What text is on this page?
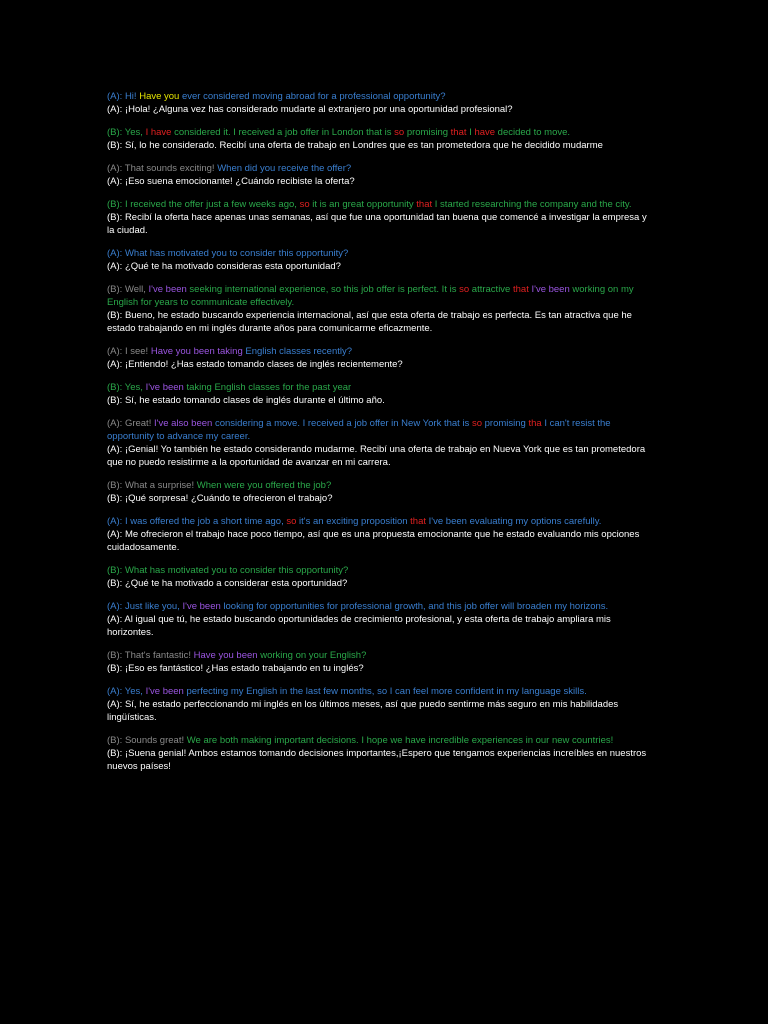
(A): Hi! Have you ever considered moving abroad for a professional opportunity?

(A): ¡Hola! ¿Alguna vez has considerado mudarte al extranjero por una oportunidad profesional?

(B): Yes, I have considered it. I received a job offer in London that is so promising that I have decided to move.

(B): Sí, lo he considerado. Recibí una oferta de trabajo en Londres que es tan prometedora que he decidido mudarme

(A): That sounds exciting! When did you receive the offer?

(A): ¡Eso suena emocionante! ¿Cuándo recibiste la oferta?

(B): I received the offer just a few weeks ago, so it is an great opportunity that I started researching the company and the city.

(B): Recibí la oferta hace apenas unas semanas, así que fue una oportunidad tan buena que comencé a investigar la empresa y la ciudad.

(A): What has motivated you to consider this opportunity?

(A): ¿Qué te ha motivado consideras esta oportunidad?

(B): Well, I've been seeking international experience, so this job offer is perfect. It is so attractive that I've been working on my English for years to communicate effectively.

(B): Bueno, he estado buscando experiencia internacional, así que esta oferta de trabajo es perfecta. Es tan atractiva que he estado trabajando en mi inglés durante años para comunicarme eficazmente.

(A): I see! Have you been taking English classes recently?

(A): ¡Entiendo! ¿Has estado tomando clases de inglés recientemente?

(B): Yes, I've been taking English classes for the past year

(B): Sí, he estado tomando clases de inglés durante el último año.

(A): Great! I've also been considering a move. I received a job offer in New York that is so promising tha I can't resist the opportunity to advance my career.

(A): ¡Genial! Yo también he estado considerando mudarme. Recibí una oferta de trabajo en Nueva York que es tan prometedora que no puedo resistirme a la oportunidad de avanzar en mi carrera.

(B): What a surprise! When were you offered the job?

(B): ¡Qué sorpresa! ¿Cuándo te ofrecieron el trabajo?

(A): I was offered the job a short time ago, so it's an exciting proposition that I've been evaluating my options carefully.

(A): Me ofrecieron el trabajo hace poco tiempo, así que es una propuesta emocionante que he estado evaluando mis opciones cuidadosamente.

(B): What has motivated you to consider this opportunity?

(B): ¿Qué te ha motivado a considerar esta oportunidad?

(A): Just like you, I've been looking for opportunities for professional growth, and this job offer will broaden my horizons.

(A): Al igual que tú, he estado buscando oportunidades de crecimiento profesional, y esta oferta de trabajo ampliara mis horizontes.

(B): That's fantastic! Have you been working on your English?

(B): ¡Eso es fantástico! ¿Has estado trabajando en tu inglés?

(A): Yes, I've been perfecting my English in the last few months, so I can feel more confident in my language skills.

(A): Sí, he estado perfeccionando mi inglés en los últimos meses, así que puedo sentirme más seguro en mis habilidades lingüísticas.

(B): Sounds great! We are both making important decisions. I hope we have incredible experiences in our new countries!

(B): ¡Suena genial! Ambos estamos tomando decisiones importantes,¡Espero que tengamos experiencias increíbles en nuestros nuevos países!
